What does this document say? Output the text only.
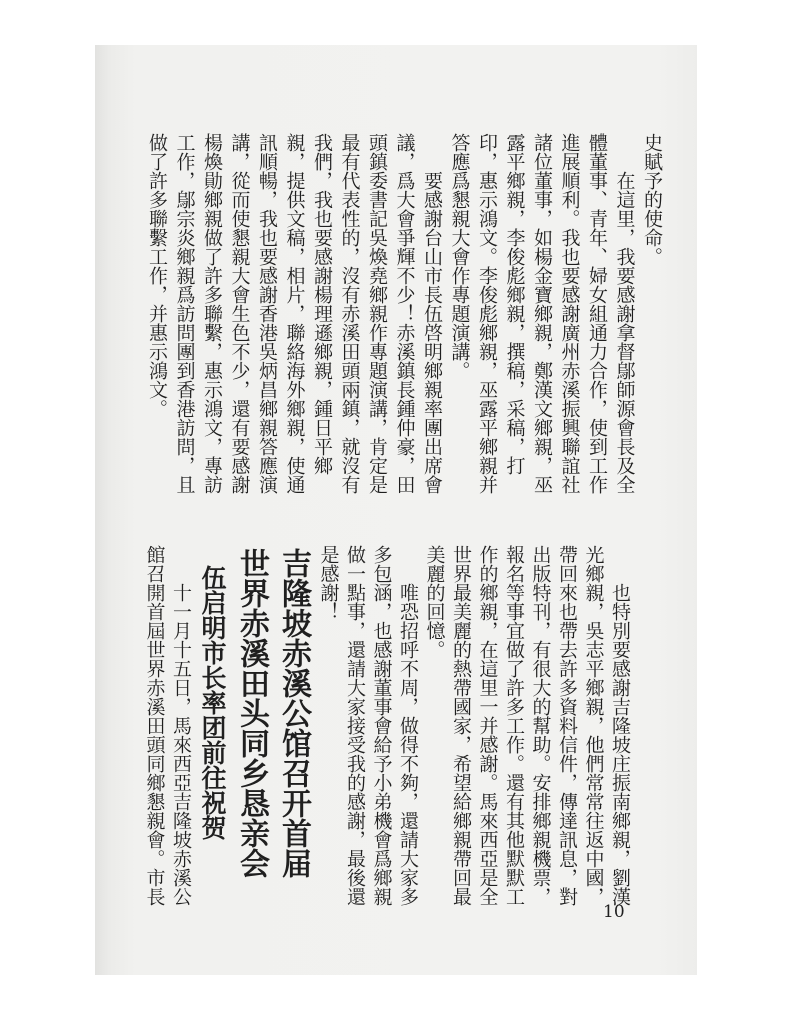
史賦予的使命。
在這里，我要感謝拿督鄔師源會長及全
體董事、青年、婦女組通力合作，使到工作
進展順利。我也要感謝廣州赤溪振興聯誼社
諸位董事，如楊金寶鄉親，鄭漢文鄉親，巫
露平鄉親，李俊彪鄉親，撰稿，采稿，打
印，惠示鴻文。李俊彪鄉親，巫露平鄉親并
答應爲懇親大會作專題演講。
要感謝台山市長伍啓明鄉親率團出席會
議，爲大會爭輝不少！赤溪鎮長鍾仲豪，田
頭鎮委書記吳煥堯鄉親作專題演講，肯定是
最有代表性的，沒有赤溪田頭兩鎮，就沒有
我們，我也要感謝楊理遜鄉親，鍾日平鄉
親，提供文稿，相片，聯絡海外鄉親，使通
訊順暢，我也要感謝香港吳炳昌鄉親答應演
講，從而使懇親大會生色不少，還有要感謝
楊煥勛鄉親做了許多聯繫，惠示鴻文，專訪
工作，鄔宗炎鄉親爲訪問團到香港訪問，且
做了許多聯繫工作，并惠示鴻文。
也特別要感謝吉隆坡庄振南鄉親，劉漢
光鄉親，吳志平鄉親，他們常常往返中國，
帶回來也帶去許多資料信件，傳達訊息，對
出版特刊，有很大的幫助。安排鄉親機票，
報名等事宜做了許多工作。還有其他默默工
作的鄉親，在這里一并感謝。馬來西亞是全
世界最美麗的熱帶國家，希望給鄉親帶回最
美麗的回憶。
唯恐招呼不周，做得不夠，還請大家多
多包涵，也感謝董事會給予小弟機會爲鄉親
做一點事，還請大家接受我的感謝，最後還
是感謝！
吉隆坡赤溪公馆召开首届
世界赤溪田头同乡恳亲会
伍启明市长率团前往祝贺
十一月十五日，馬來西亞吉隆坡赤溪公
館召開首屆世界赤溪田頭同鄉懇親會。市長
10
